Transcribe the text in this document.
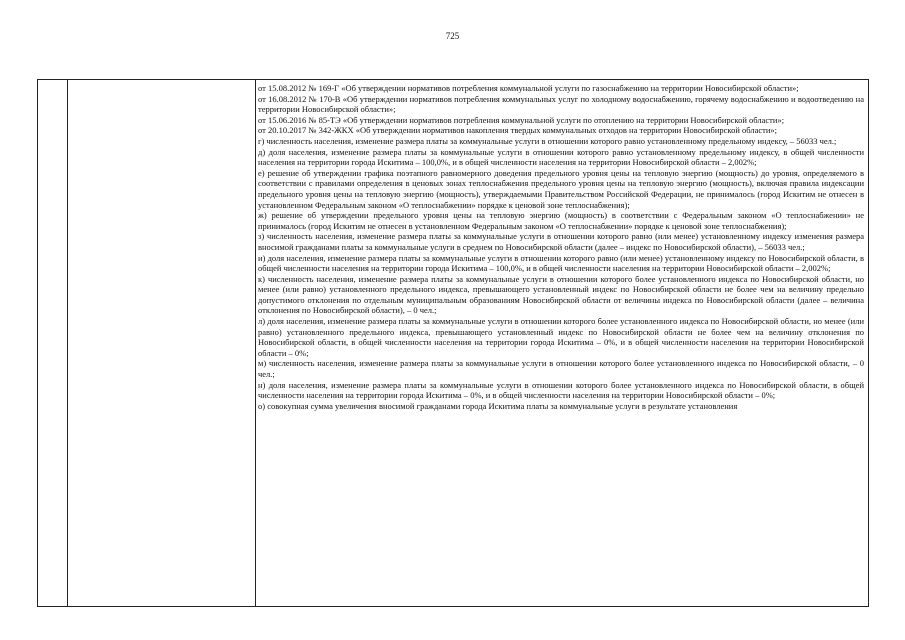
725

от 15.08.2012 № 169-Г «Об утверждении нормативов потребления коммунальной услуги по газоснабжению на территории Новосибирской области»;

от 16.08.2012 № 170-В «Об утверждении нормативов потребления коммунальных услуг по холодному водоснабжению, горячему водоснабжению и водоотведению на территории Новосибирской области»;

от 15.06.2016 № 85-ТЭ «Об утверждении нормативов потребления коммунальной услуги по отоплению на территории Новосибирской области»;

от 20.10.2017 № 342-ЖКХ «Об утверждении нормативов накопления твердых коммунальных отходов на территории Новосибирской области»;

г) численность населения, изменение размера платы за коммунальные услуги в отношении которого равно установленному предельному индексу, – 56033 чел.;

д) доля населения, изменение размера платы за коммунальные услуги в отношении которого равно установленному предельному индексу, в общей численности населения на территории города Искитима – 100,0%, и в общей численности населения на территории Новосибирской области – 2,002%;

е) решение об утверждении графика поэтапного равномерного доведения предельного уровня цены на тепловую энергию (мощность) до уровня, определяемого в соответствии с правилами определения в ценовых зонах теплоснабжения предельного уровня цены на тепловую энергию (мощность), включая правила индексации предельного уровня цены на тепловую энергию (мощность), утверждаемыми Правительством Российской Федерации, не принималось (город Искитим не отнесен в установленном Федеральным законом «О теплоснабжении» порядке к ценовой зоне теплоснабжения);

ж) решение об утверждении предельного уровня цены на тепловую энергию (мощность) в соответствии с Федеральным законом «О теплоснабжении» не принималось (город Искитим не отнесен в установленном Федеральным законом «О теплоснабжении» порядке к ценовой зоне теплоснабжения);

з) численность населения, изменение размера платы за коммунальные услуги в отношении которого равно (или менее) установленному индексу изменения размера вносимой гражданами платы за коммунальные услуги в среднем по Новосибирской области (далее – индекс по Новосибирской области), – 56033 чел.;

и) доля населения, изменение размера платы за коммунальные услуги в отношении которого равно (или менее) установленному индексу по Новосибирской области, в общей численности населения на территории города Искитима – 100,0%, и в общей численности населения на территории Новосибирской области – 2,002%;

к) численность населения, изменение размера платы за коммунальные услуги в отношении которого более установленного индекса по Новосибирской области, но менее (или равно) установленного предельного индекса, превышающего установленный индекс по Новосибирской области не более чем на величину предельно допустимого отклонения по отдельным муниципальным образованиям Новосибирской области от величины индекса по Новосибирской области (далее – величина отклонения по Новосибирской области), – 0 чел.;

л) доля населения, изменение размера платы за коммунальные услуги в отношении которого более установленного индекса по Новосибирской области, но менее (или равно) установленного предельного индекса, превышающего установленный индекс по Новосибирской области не более чем на величину отклонения по Новосибирской области, в общей численности населения на территории города Искитима – 0%, и в общей численности населения на территории Новосибирской области – 0%;

м) численность населения, изменение размера платы за коммунальные услуги в отношении которого более установленного индекса по Новосибирской области, – 0 чел.;

н) доля населения, изменение размера платы за коммунальные услуги в отношении которого более установленного индекса по Новосибирской области, в общей численности населения на территории города Искитима – 0%, и в общей численности населения на территории Новосибирской области – 0%;

о) совокупная сумма увеличения вносимой гражданами города Искитима платы за коммунальные услуги в результате установления
